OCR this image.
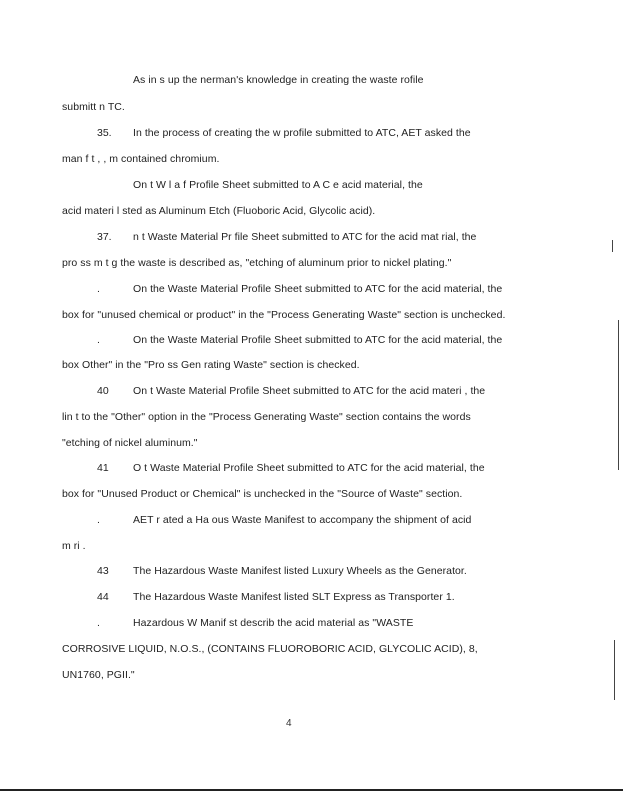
As in s up the nerman's knowledge in creating the waste rofile
submitt n TC.
35. In the process of creating the w profile submitted to ATC, AET asked the
man f t , , m contained chromium.
On t W l a f Profile Sheet submitted to A C e acid material, the
acid materi l sted as Aluminum Etch (Fluoboric Acid, Glycolic acid).
37. n t Waste Material Pr file Sheet submitted to ATC for the acid mat rial, the
pro ss m t g the waste is described as, "etching of aluminum prior to nickel plating."
.	On the Waste Material Profile Sheet submitted to ATC for the acid material, the
box for "unused chemical or product" in the "Process Generating Waste" section is unchecked.
.	On the Waste Material Profile Sheet submitted to ATC for the acid material, the
box Other" in the "Pro ss Gen rating Waste" section is checked.
40 On t Waste Material Profile Sheet submitted to ATC for the acid materi , the
lin t to the "Other" option in the "Process Generating Waste" section contains the words
"etching of nickel aluminum."
41 O t Waste Material Profile Sheet submitted to ATC for the acid material, the
box for "Unused Product or Chemical" is unchecked in the "Source of Waste" section.
.	AET r ated a Ha ous Waste Manifest to accompany the shipment of acid
m ri .
43 The Hazardous Waste Manifest listed Luxury Wheels as the Generator.
44 The Hazardous Waste Manifest listed SLT Express as Transporter 1.
.	Hazardous W Manif st describ the acid material as "WASTE
CORROSIVE LIQUID, N.O.S., (CONTAINS FLUOROBORIC ACID, GLYCOLIC ACID), 8,
UN1760, PGII."
4
